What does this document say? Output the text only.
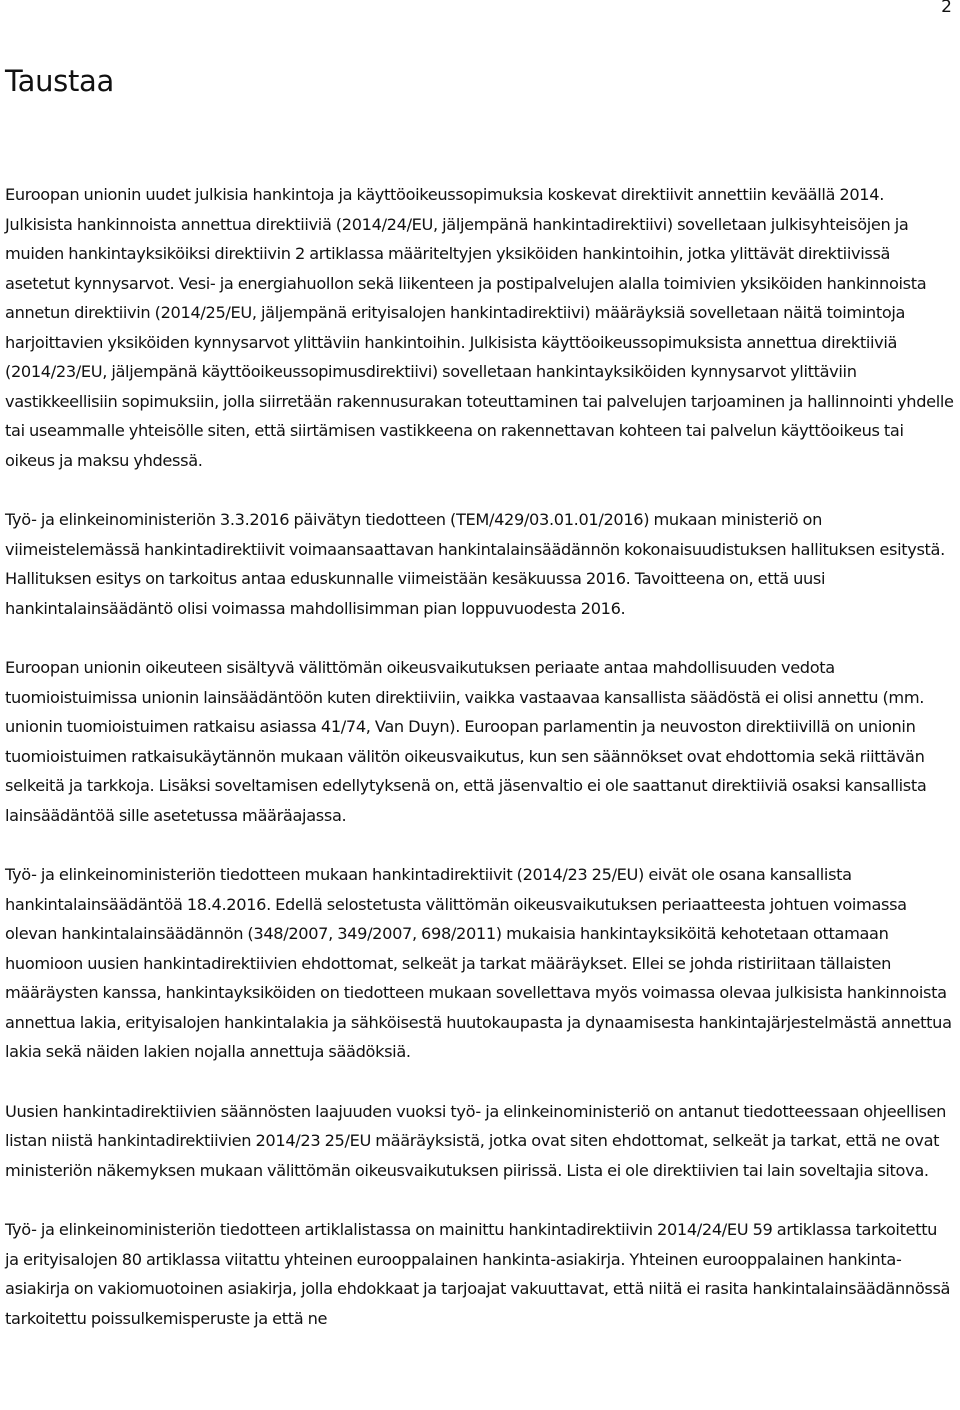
2
Taustaa

Euroopan unionin uudet julkisia hankintoja ja käyttöoikeussopimuksia koskevat direktiivit annettiin keväällä 2014. Julkisista hankinnoista annettua direktiiviä (2014/24/EU, jäljempänä hankintadirektiivi) sovelletaan julkisyhteisöjen ja muiden hankintayksiköiksi direktiivin 2 artiklassa määriteltyjen yksiköiden hankintoihin, jotka ylittävät direktiivissä asetetut kynnysarvot. Vesi- ja energiahuollon sekä liikenteen ja postipalvelujen alalla toimivien yksiköiden hankinnoista annetun direktiivin (2014/25/EU, jäljempänä erityisalojen hankintadirektiivi) määräyksiä sovelletaan näitä toimintoja harjoittavien yksiköiden kynnysarvot ylittäviin hankintoihin. Julkisista käyttöoikeussopimuksista annettua direktiiviä (2014/23/EU, jäljempänä käyttöoikeussopimusdirektiivi) sovelletaan hankintayksiköiden kynnysarvot ylittäviin vastikkeellisiin sopimuksiin, jolla siirretään rakennusurakan toteuttaminen tai palvelujen tarjoaminen ja hallinnointi yhdelle tai useammalle yhteisölle siten, että siirtämisen vastikkeena on rakennettavan kohteen tai palvelun käyttöoikeus tai oikeus ja maksu yhdessä.

Työ- ja elinkeinoministeriön 3.3.2016 päivätyn tiedotteen (TEM/429/03.01.01/2016) mukaan ministeriö on viimeistelemässä hankintadirektiivit voimaansaattavan hankintalainsäädännön kokonaisuudistuksen hallituksen esitystä. Hallituksen esitys on tarkoitus antaa eduskunnalle viimeistään kesäkuussa 2016. Tavoitteena on, että uusi hankintalainsäädäntö olisi voimassa mahdollisimman pian loppuvuodesta 2016.

Euroopan unionin oikeuteen sisältyvä välittömän oikeusvaikutuksen periaate antaa mahdollisuuden vedota tuomioistuimissa unionin lainsäädäntöön kuten direktiiviin, vaikka vastaavaa kansallista säädöstä ei olisi annettu (mm. unionin tuomioistuimen ratkaisu asiassa 41/74, Van Duyn). Euroopan parlamentin ja neuvoston direktiivillä on unionin tuomioistuimen ratkaisukäytännön mukaan välitön oikeusvaikutus, kun sen säännökset ovat ehdottomia sekä riittävän selkeitä ja tarkkoja. Lisäksi soveltamisen edellytyksenä on, että jäsenvaltio ei ole saattanut direktiiviä osaksi kansallista lainsäädäntöä sille asetetussa määräajassa.

Työ- ja elinkeinoministeriön tiedotteen mukaan hankintadirektiivit (2014/23 25/EU) eivät ole osana kansallista hankintalainsäädäntöä 18.4.2016. Edellä selostetusta välittömän oikeusvaikutuksen periaatteesta johtuen voimassa olevan hankintalainsäädännön (348/2007, 349/2007, 698/2011) mukaisia hankintayksiköitä kehotetaan ottamaan huomioon uusien hankintadirektiivien ehdottomat, selkeät ja tarkat määräykset. Ellei se johda ristiriitaan tällaisten määräysten kanssa, hankintayksiköiden on tiedotteen mukaan sovellettava myös voimassa olevaa julkisista hankinnoista annettua lakia, erityisalojen hankintalakia ja sähköisestä huutokaupasta ja dynaamisesta hankintajärjestelmästä annettua lakia sekä näiden lakien nojalla annettuja säädöksiä.

Uusien hankintadirektiivien säännösten laajuuden vuoksi työ- ja elinkeinoministeriö on antanut tiedotteessaan ohjeellisen listan niistä hankintadirektiivien 2014/23 25/EU määräyksistä, jotka ovat siten ehdottomat, selkeät ja tarkat, että ne ovat ministeriön näkemyksen mukaan välittömän oikeusvaikutuksen piirissä. Lista ei ole direktiivien tai lain soveltajia sitova.

Työ- ja elinkeinoministeriön tiedotteen artiklalistassa on mainittu hankintadirektiivin 2014/24/EU 59 artiklassa tarkoitettu ja erityisalojen 80 artiklassa viitattu yhteinen eurooppalainen hankinta-asiakirja. Yhteinen eurooppalainen hankinta-asiakirja on vakiomuotoinen asiakirja, jolla ehdokkaat ja tarjoajat vakuuttavat, että niitä ei rasita hankintalainsäädännössä tarkoitettu poissulkemisperuste ja että ne
